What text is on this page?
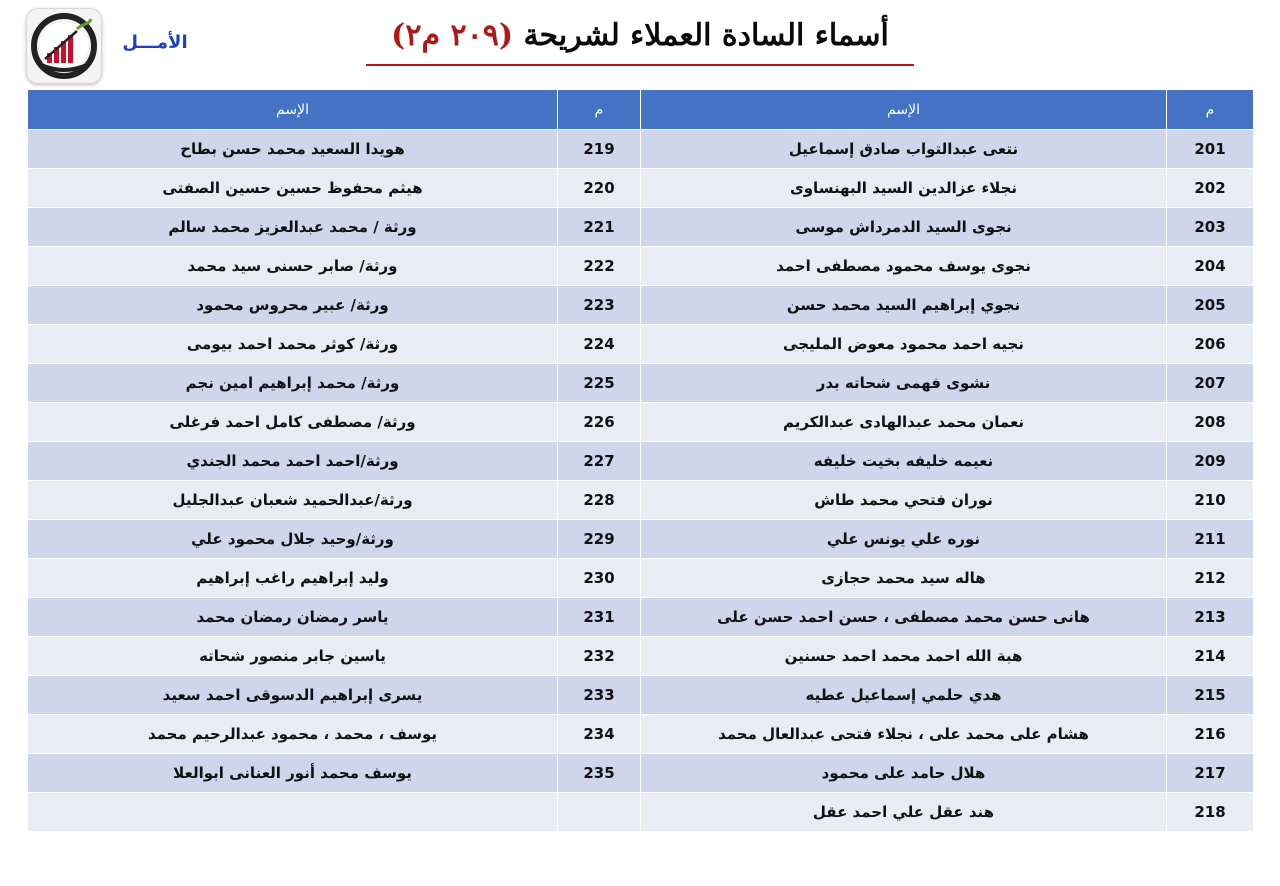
الأمـــل	أسماء السادة العملاء لشريحة (٢٠٩ م٢)
الإسم	م	الإسم	م
هويدا السعيد محمد حسن بطاح	219	نتعى عبدالتواب صادق إسماعيل	201
هيثم محفوظ حسين حسين الصفتى	220	نجلاء عزالدين السيد البهنساوى	202
ورثة / محمد عبدالعزيز محمد سالم	221	نجوى السيد الدمرداش موسى	203
ورثة/ صابر حسنى سيد محمد	222	نجوى يوسف محمود مصطفى احمد	204
ورثة/ عبير محروس محمود	223	نجوي إبراهيم السيد محمد حسن	205
ورثة/ كوثر محمد احمد بيومى	224	نجيه احمد محمود معوض المليجى	206
ورثة/ محمد إبراهيم امين نجم	225	نشوى فهمى شحاته بدر	207
ورثة/ مصطفى كامل احمد فرغلى	226	نعمان محمد عبدالهادى عبدالكريم	208
ورثة/احمد احمد محمد الجندي	227	نعيمه خليفه بخيت خليفه	209
ورثة/عبدالحميد شعبان عبدالجليل	228	نوران فتحي محمد طاش	210
ورثة/وحيد جلال محمود علي	229	نوره علي يونس علي	211
وليد إبراهيم راغب إبراهيم	230	هاله سيد محمد حجازى	212
ياسر رمضان رمضان محمد	231	هانى حسن محمد مصطفى ، حسن احمد حسن على	213
ياسين جابر منصور شحاته	232	هبة الله احمد محمد احمد حسنين	214
يسرى إبراهيم الدسوقى احمد سعيد	233	هدي حلمي إسماعيل عطيه	215
يوسف ، محمد ، محمود عبدالرحيم محمد	234	هشام على محمد على ، نجلاء فتحى عبدالعال محمد	216
يوسف محمد أنور العنانى ابوالعلا	235	هلال حامد على محمود	217
		هند عقل علي احمد عقل	218
